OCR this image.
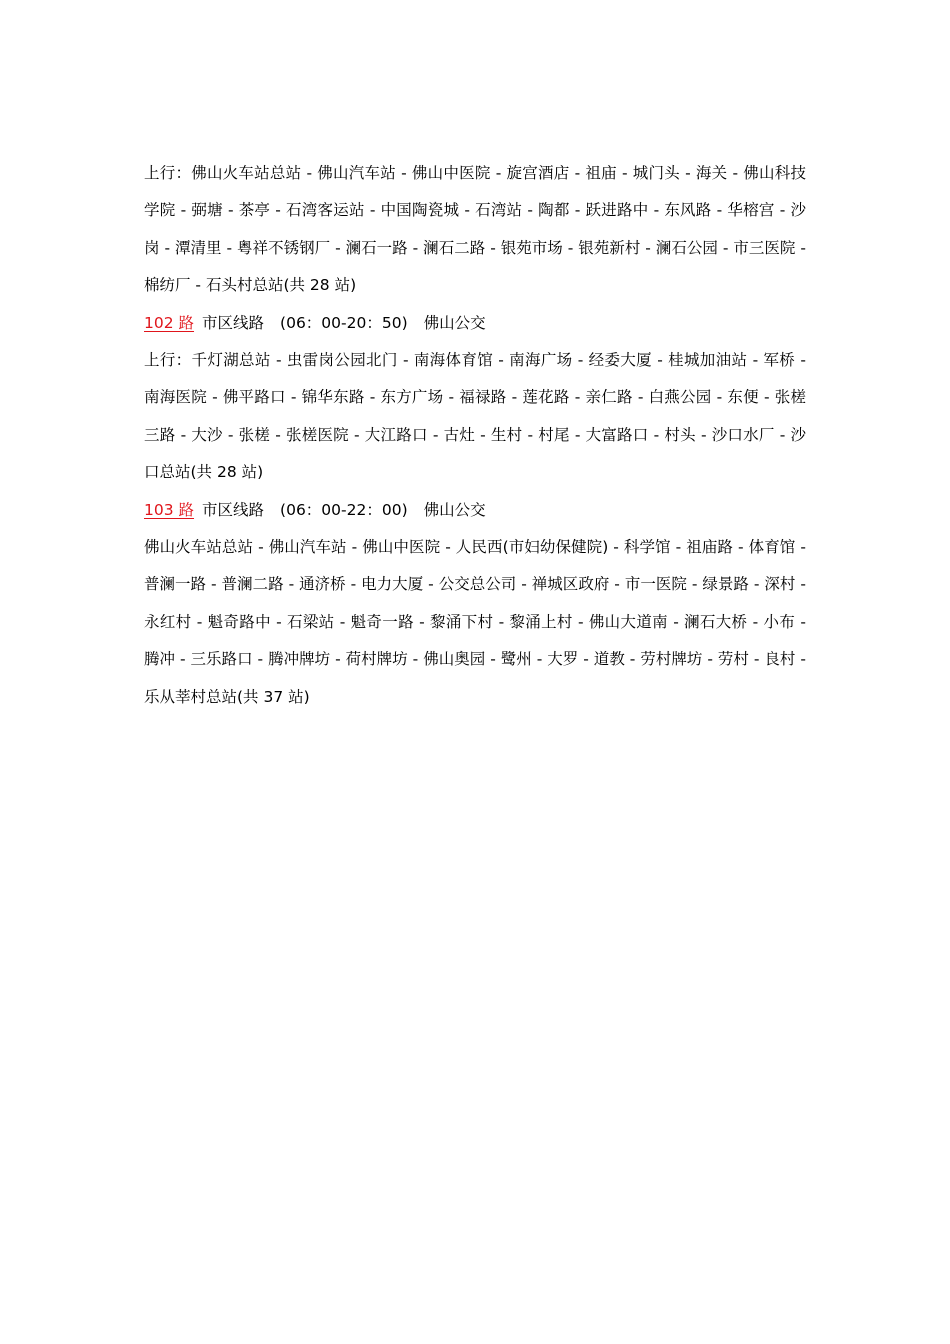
上行：佛山火车站总站 - 佛山汽车站 - 佛山中医院 - 旋宫酒店 - 祖庙 - 城门头 - 海关 - 佛山科技学院 - 弼塘 - 茶亭 - 石湾客运站 - 中国陶瓷城 - 石湾站 - 陶都 - 跃进路中 - 东风路 - 华榕宫 - 沙岗 - 潭清里 - 粤祥不锈钢厂 - 澜石一路 - 澜石二路 - 银苑市场 - 银苑新村 - 澜石公园 - 市三医院 - 棉纺厂 - 石头村总站(共 28 站)

102 路 市区线路 (06：00-20：50) 佛山公交

上行：千灯湖总站 - 虫雷岗公园北门 - 南海体育馆 - 南海广场 - 经委大厦 - 桂城加油站 - 军桥 - 南海医院 - 佛平路口 - 锦华东路 - 东方广场 - 福禄路 - 莲花路 - 亲仁路 - 白燕公园 - 东便 - 张槎三路 - 大沙 - 张槎 - 张槎医院 - 大江路口 - 古灶 - 生村 - 村尾 - 大富路口 - 村头 - 沙口水厂 - 沙口总站(共 28 站)

103 路 市区线路 (06：00-22：00) 佛山公交

佛山火车站总站 - 佛山汽车站 - 佛山中医院 - 人民西(市妇幼保健院) - 科学馆 - 祖庙路 - 体育馆 - 普澜一路 - 普澜二路 - 通济桥 - 电力大厦 - 公交总公司 - 禅城区政府 - 市一医院 - 绿景路 - 深村 - 永红村 - 魁奇路中 - 石梁站 - 魁奇一路 - 黎涌下村 - 黎涌上村 - 佛山大道南 - 澜石大桥 - 小布 - 腾冲 - 三乐路口 - 腾冲牌坊 - 荷村牌坊 - 佛山奥园 - 鹭州 - 大罗 - 道教 - 劳村牌坊 - 劳村 - 良村 - 乐从莘村总站(共 37 站)
